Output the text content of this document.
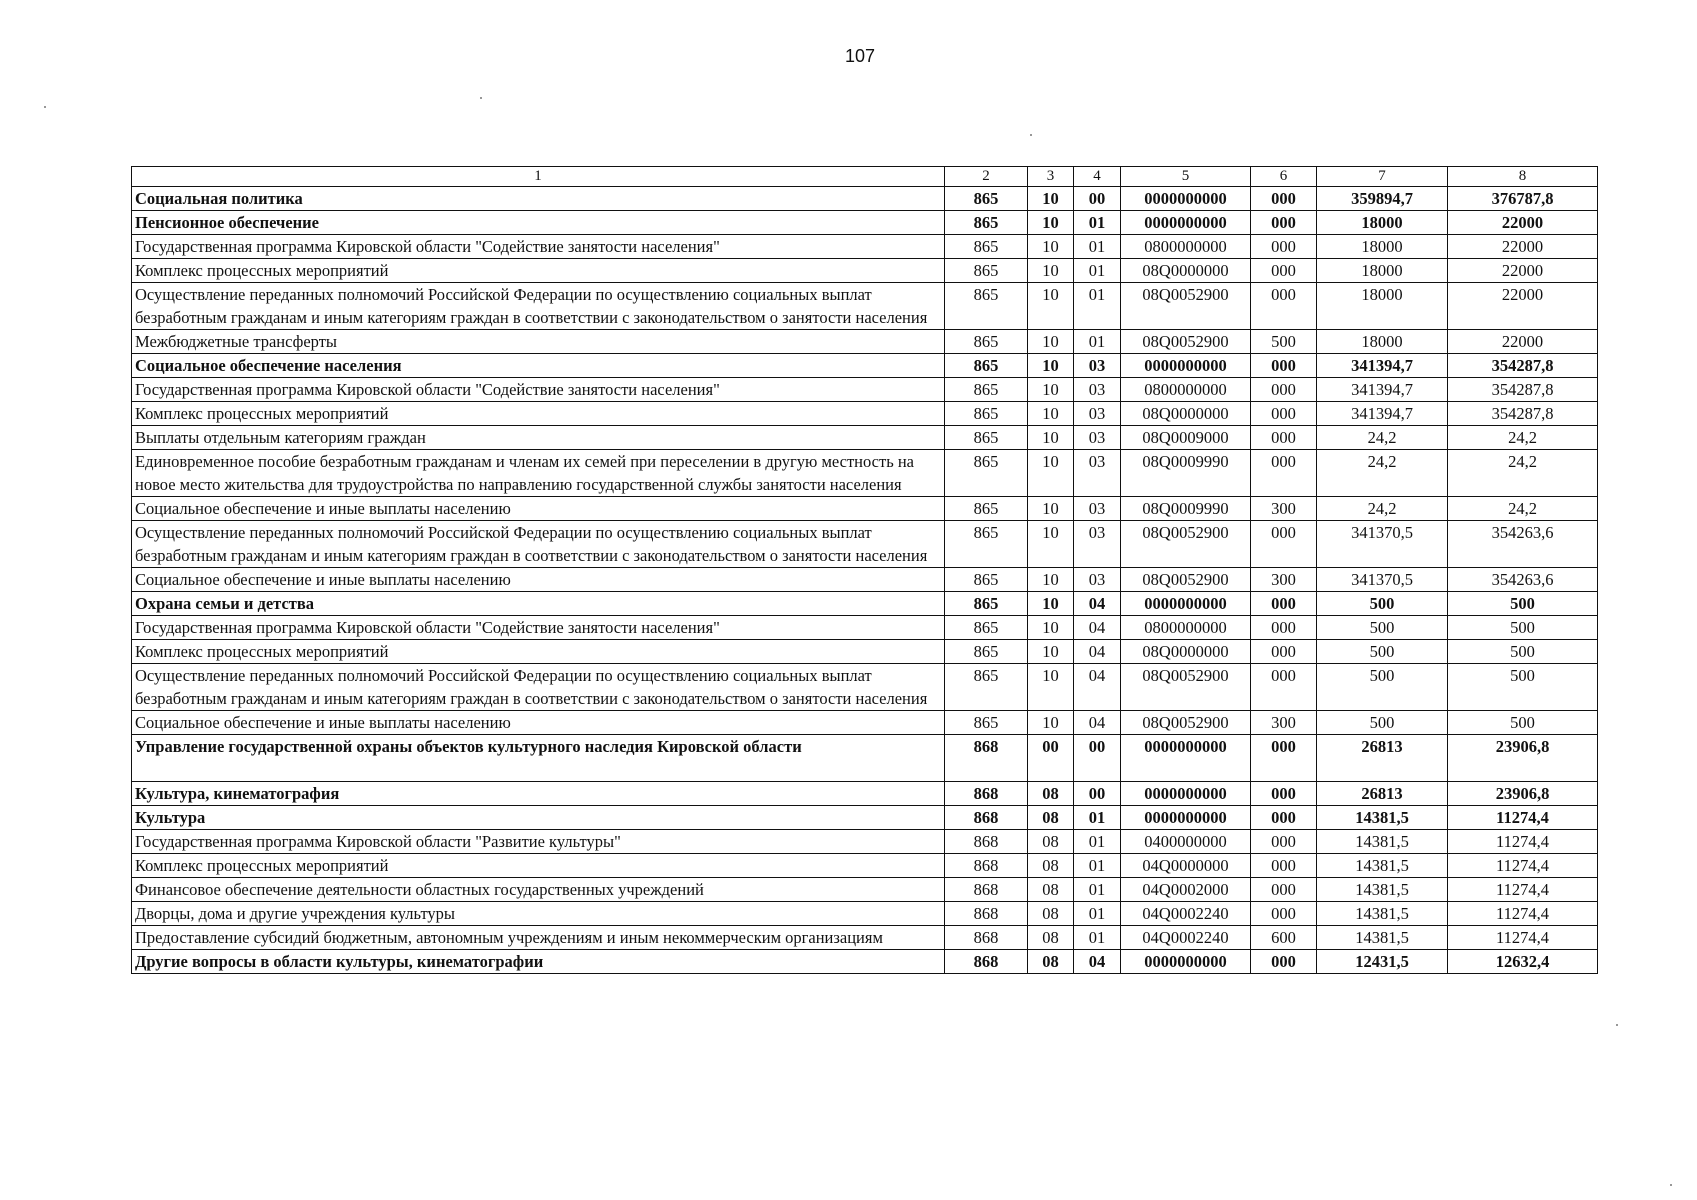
107
1	2	3	4	5	6	7	8
Социальная политика	865	10	00	0000000000	000	359894,7	376787,8
Пенсионное обеспечение	865	10	01	0000000000	000	18000	22000
Государственная программа Кировской области "Содействие занятости населения"	865	10	01	0800000000	000	18000	22000
Комплекс процессных мероприятий	865	10	01	08Q0000000	000	18000	22000
Осуществление переданных полномочий Российской Федерации по осуществлению социальных выплат безработным гражданам и иным категориям граждан в соответствии с законодательством о занятости населения	865	10	01	08Q0052900	000	18000	22000
Межбюджетные трансферты	865	10	01	08Q0052900	500	18000	22000
Социальное обеспечение населения	865	10	03	0000000000	000	341394,7	354287,8
Государственная программа Кировской области "Содействие занятости населения"	865	10	03	0800000000	000	341394,7	354287,8
Комплекс процессных мероприятий	865	10	03	08Q0000000	000	341394,7	354287,8
Выплаты отдельным категориям граждан	865	10	03	08Q0009000	000	24,2	24,2
Единовременное пособие безработным гражданам и членам их семей при переселении в другую местность на новое место жительства для трудоустройства по направлению государственной службы занятости населения	865	10	03	08Q0009990	000	24,2	24,2
Социальное обеспечение и иные выплаты населению	865	10	03	08Q0009990	300	24,2	24,2
Осуществление переданных полномочий Российской Федерации по осуществлению социальных выплат безработным гражданам и иным категориям граждан в соответствии с законодательством о занятости населения	865	10	03	08Q0052900	000	341370,5	354263,6
Социальное обеспечение и иные выплаты населению	865	10	03	08Q0052900	300	341370,5	354263,6
Охрана семьи и детства	865	10	04	0000000000	000	500	500
Государственная программа Кировской области "Содействие занятости населения"	865	10	04	0800000000	000	500	500
Комплекс процессных мероприятий	865	10	04	08Q0000000	000	500	500
Осуществление переданных полномочий Российской Федерации по осуществлению социальных выплат безработным гражданам и иным категориям граждан в соответствии с законодательством о занятости населения	865	10	04	08Q0052900	000	500	500
Социальное обеспечение и иные выплаты населению	865	10	04	08Q0052900	300	500	500
Управление государственной охраны объектов культурного наследия Кировской области	868	00	00	0000000000	000	26813	23906,8
Культура, кинематография	868	08	00	0000000000	000	26813	23906,8
Культура	868	08	01	0000000000	000	14381,5	11274,4
Государственная программа Кировской области "Развитие культуры"	868	08	01	0400000000	000	14381,5	11274,4
Комплекс процессных мероприятий	868	08	01	04Q0000000	000	14381,5	11274,4
Финансовое обеспечение деятельности областных государственных учреждений	868	08	01	04Q0002000	000	14381,5	11274,4
Дворцы, дома и другие учреждения культуры	868	08	01	04Q0002240	000	14381,5	11274,4
Предоставление субсидий бюджетным, автономным учреждениям и иным некоммерческим организациям	868	08	01	04Q0002240	600	14381,5	11274,4
Другие вопросы в области культуры, кинематографии	868	08	04	0000000000	000	12431,5	12632,4
